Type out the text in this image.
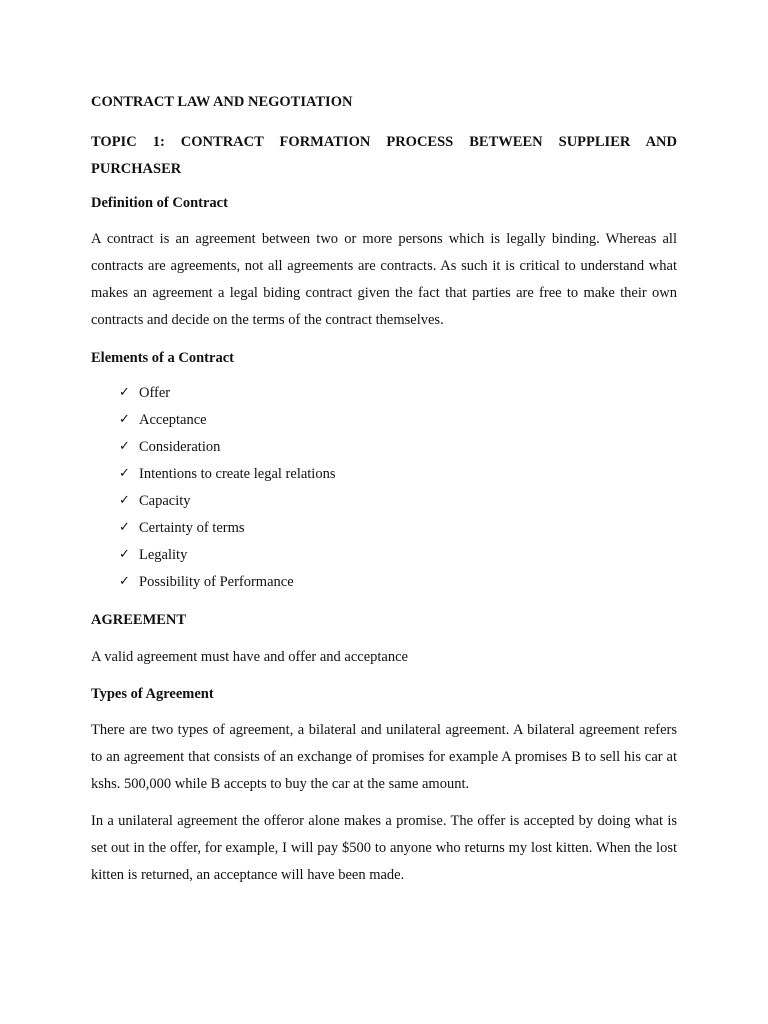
CONTRACT LAW AND NEGOTIATION
TOPIC 1: CONTRACT FORMATION PROCESS BETWEEN SUPPLIER AND PURCHASER
Definition of Contract
A contract is an agreement between two or more persons which is legally binding. Whereas all contracts are agreements, not all agreements are contracts. As such it is critical to understand what makes an agreement a legal biding contract given the fact that parties are free to make their own contracts and decide on the terms of the contract themselves.
Elements of a Contract
✓ Offer
✓ Acceptance
✓ Consideration
✓ Intentions to create legal relations
✓ Capacity
✓ Certainty of terms
✓ Legality
✓ Possibility of Performance
AGREEMENT
A valid agreement must have and offer and acceptance
Types of Agreement
There are two types of agreement, a bilateral and unilateral agreement. A bilateral agreement refers to an agreement that consists of an exchange of promises for example A promises B to sell his car at kshs. 500,000 while B accepts to buy the car at the same amount.
In a unilateral agreement the offeror alone makes a promise. The offer is accepted by doing what is set out in the offer, for example, I will pay $500 to anyone who returns my lost kitten. When the lost kitten is returned, an acceptance will have been made.
